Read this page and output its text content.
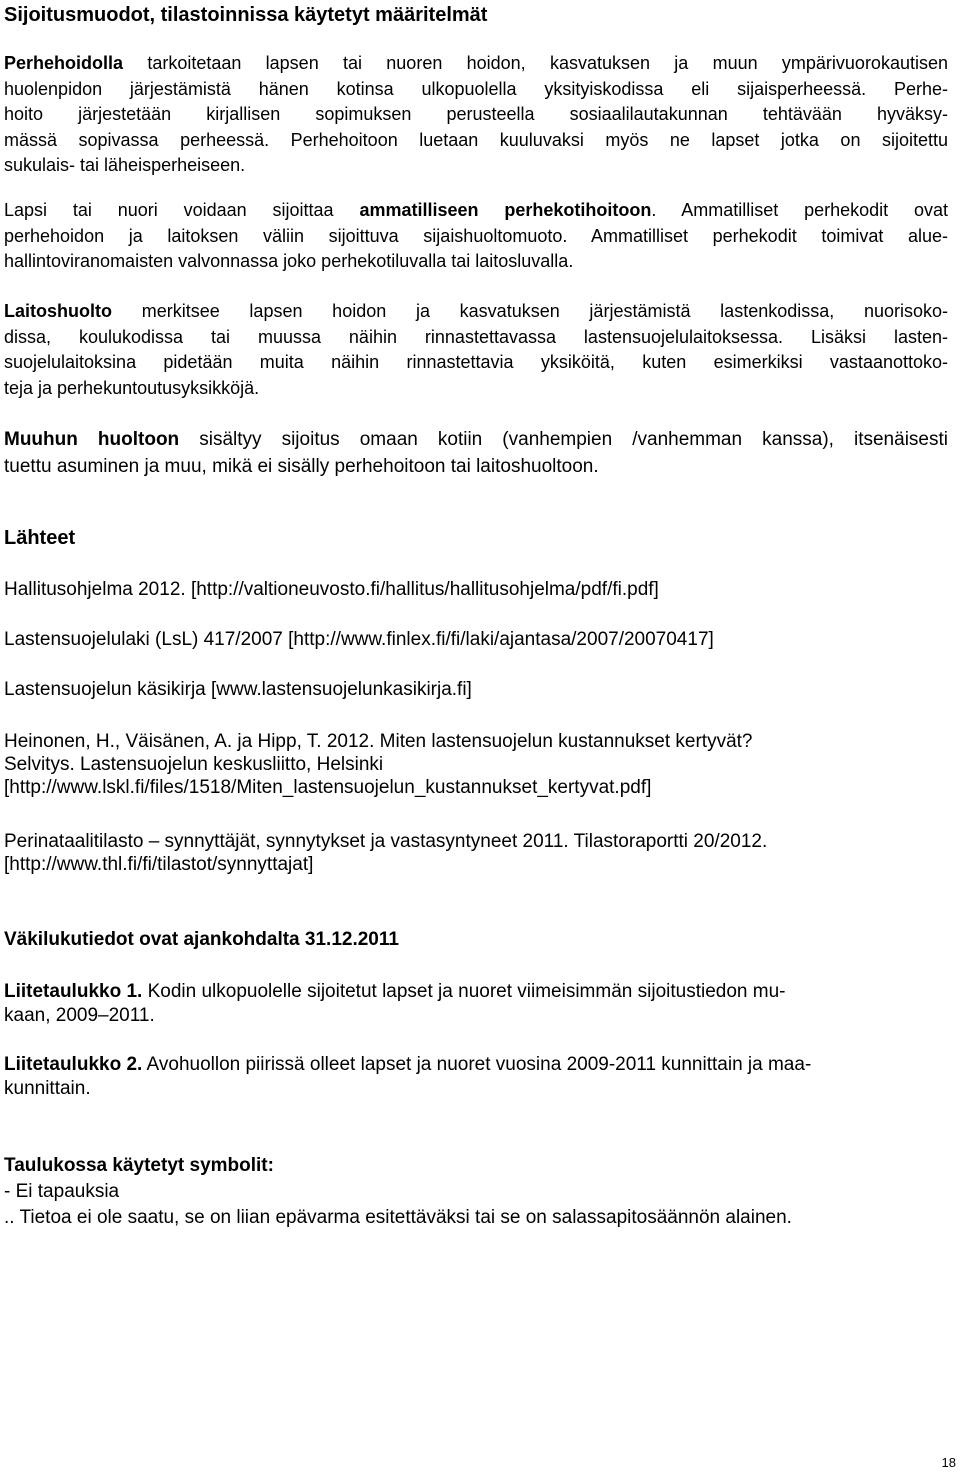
Sijoitusmuodot, tilastoinnissa käytetyt määritelmät
Perhehoidolla tarkoitetaan lapsen tai nuoren hoidon, kasvatuksen ja muun ympärivuorokautisen
huolenpidon järjestämistä hänen kotinsa ulkopuolella yksityiskodissa eli sijaisperheessä. Perhe-
hoito järjestetään kirjallisen sopimuksen perusteella sosiaalilautakunnan tehtävään hyväksy-
mässä sopivassa perheessä. Perhehoitoon luetaan kuuluvaksi myös ne lapset jotka on sijoitettu
sukulais- tai läheisperheiseen.
Lapsi tai nuori voidaan sijoittaa ammatilliseen perhekotihoitoon. Ammatilliset perhekodit ovat
perhehoidon ja laitoksen väliin sijoittuva sijaishuoltomuoto. Ammatilliset perhekodit toimivat alue-
hallintoviranomaisten valvonnassa joko perhekotiluvalla tai laitosluvalla.
Laitoshuolto merkitsee lapsen hoidon ja kasvatuksen järjestämistä lastenkodissa, nuorisoko-
dissa, koulukodissa tai muussa näihin rinnastettavassa lastensuojelulaitoksessa. Lisäksi lasten-
suojelulaitoksina pidetään muita näihin rinnastettavia yksiköitä, kuten esimerkiksi vastaanottoko-
teja ja perhekuntoutusyksikköjä.
Muuhun huoltoon sisältyy sijoitus omaan kotiin (vanhempien /vanhemman kanssa), itsenäisesti
tuettu asuminen ja muu, mikä ei sisälly perhehoitoon tai laitoshuoltoon.
Lähteet
Hallitusohjelma 2012. [http://valtioneuvosto.fi/hallitus/hallitusohjelma/pdf/fi.pdf]
Lastensuojelulaki (LsL) 417/2007 [http://www.finlex.fi/fi/laki/ajantasa/2007/20070417]
Lastensuojelun käsikirja [www.lastensuojelunkasikirja.fi]
Heinonen, H., Väisänen, A. ja Hipp, T. 2012. Miten lastensuojelun kustannukset kertyvät?
Selvitys. Lastensuojelun keskusliitto, Helsinki
[http://www.lskl.fi/files/1518/Miten_lastensuojelun_kustannukset_kertyvat.pdf]
Perinataalitilasto – synnyttäjät, synnytykset ja vastasyntyneet 2011. Tilastoraportti 20/2012.
[http://www.thl.fi/fi/tilastot/synnyttajat]
Väkilukutiedot ovat ajankohdalta 31.12.2011
Liitetaulukko 1. Kodin ulkopuolelle sijoitetut lapset ja nuoret viimeisimmän sijoitustiedon mu-
kaan, 2009–2011.
Liitetaulukko 2. Avohuollon piirissä olleet lapset ja nuoret vuosina 2009-2011 kunnittain ja maa-
kunnittain.
Taulukossa käytetyt symbolit:
- Ei tapauksia
.. Tietoa ei ole saatu, se on liian epävarma esitettäväksi tai se on salassapitosäännön alainen.
18
